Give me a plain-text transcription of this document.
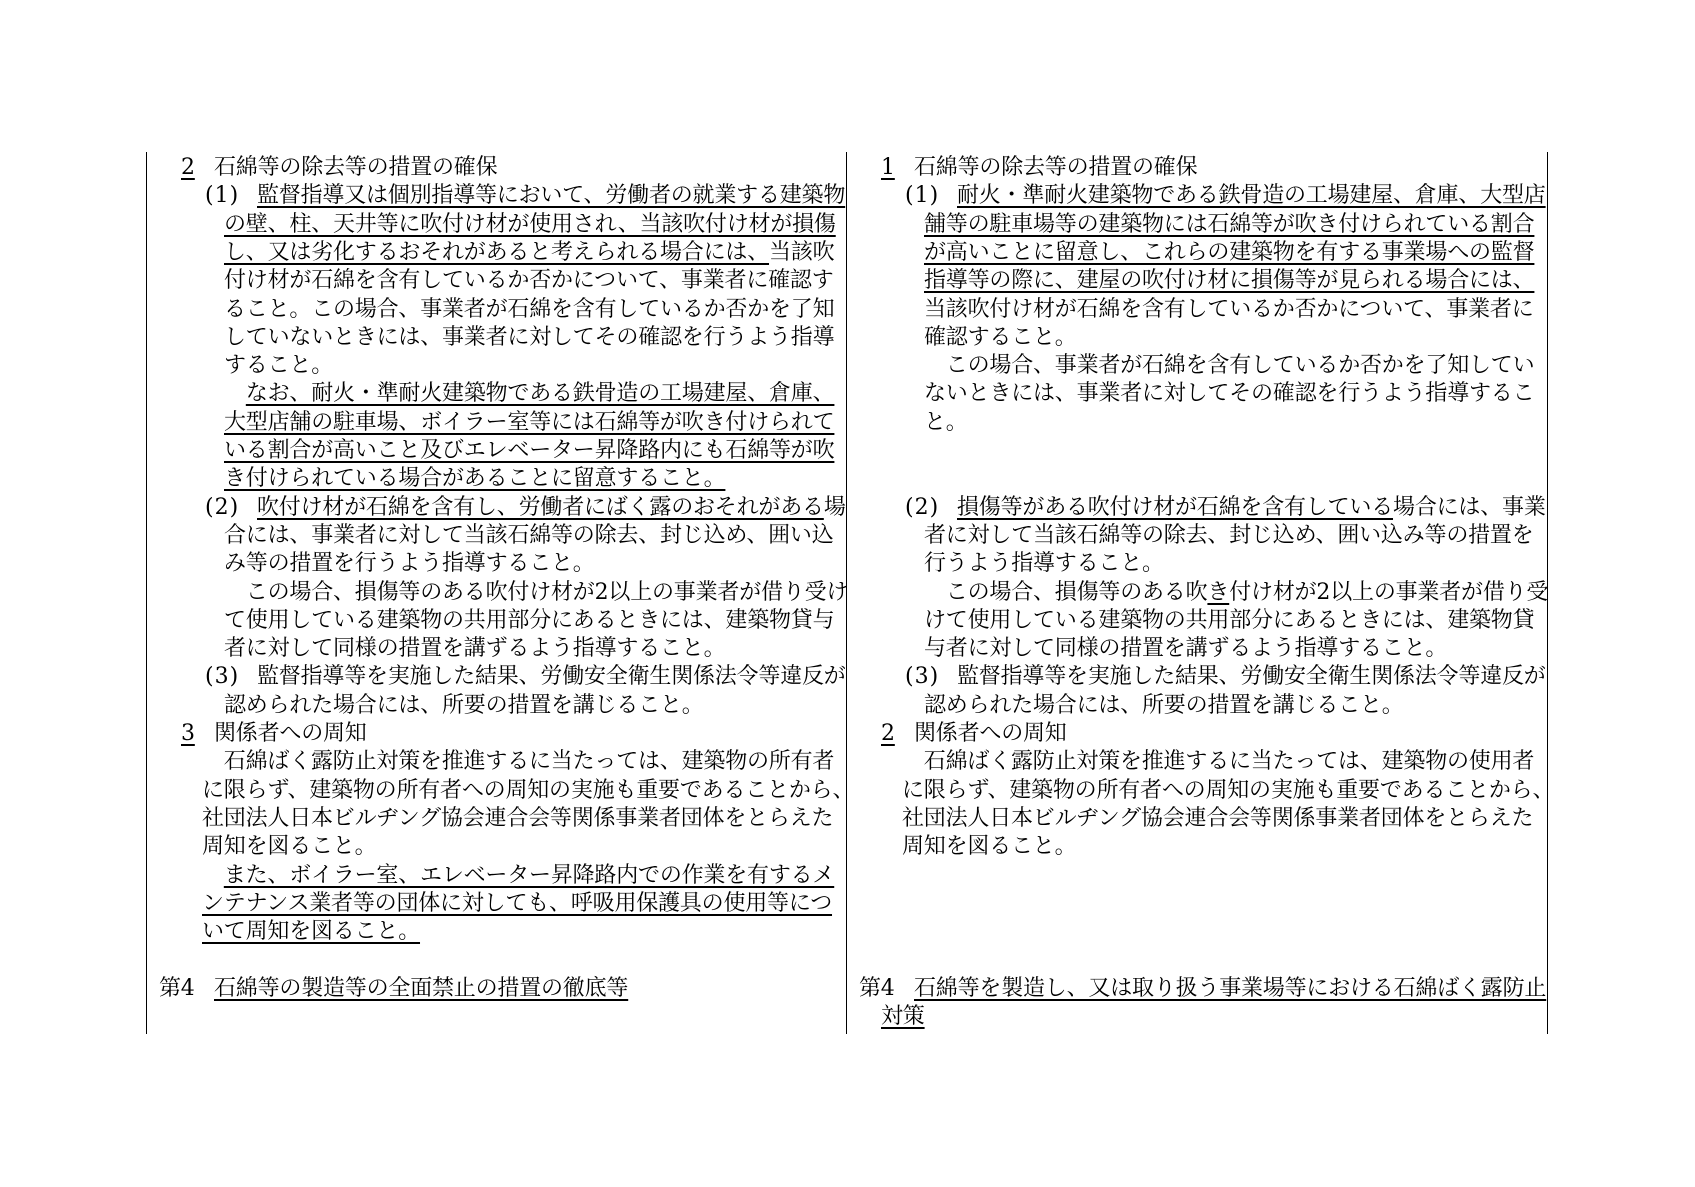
2 石綿等の除去等の措置の確保
(1) 監督指導又は個別指導等において、労働者の就業する建築物
の壁、柱、天井等に吹付け材が使用され、当該吹付け材が損傷
し、又は劣化するおそれがあると考えられる場合には、当該吹
付け材が石綿を含有しているか否かについて、事業者に確認す
ること。この場合、事業者が石綿を含有しているか否かを了知
していないときには、事業者に対してその確認を行うよう指導
すること。
　なお、耐火・準耐火建築物である鉄骨造の工場建屋、倉庫、
大型店舗の駐車場、ボイラー室等には石綿等が吹き付けられて
いる割合が高いこと及びエレベーター昇降路内にも石綿等が吹
き付けられている場合があることに留意すること。
(2) 吹付け材が石綿を含有し、労働者にばく露のおそれがある場
合には、事業者に対して当該石綿等の除去、封じ込め、囲い込
み等の措置を行うよう指導すること。
　この場合、損傷等のある吹付け材が2以上の事業者が借り受け
て使用している建築物の共用部分にあるときには、建築物貸与
者に対して同様の措置を講ずるよう指導すること。
(3) 監督指導等を実施した結果、労働安全衛生関係法令等違反が
認められた場合には、所要の措置を講じること。
3 関係者への周知
　石綿ばく露防止対策を推進するに当たっては、建築物の所有者
に限らず、建築物の所有者への周知の実施も重要であることから、
社団法人日本ビルヂング協会連合会等関係事業者団体をとらえた
周知を図ること。
　また、ボイラー室、エレベーター昇降路内での作業を有するメ
ンテナンス業者等の団体に対しても、呼吸用保護具の使用等につ
いて周知を図ること。
第4 石綿等の製造等の全面禁止の措置の徹底等
1 石綿等の除去等の措置の確保
(1) 耐火・準耐火建築物である鉄骨造の工場建屋、倉庫、大型店
舗等の駐車場等の建築物には石綿等が吹き付けられている割合
が高いことに留意し、これらの建築物を有する事業場への監督
指導等の際に、建屋の吹付け材に損傷等が見られる場合には、
当該吹付け材が石綿を含有しているか否かについて、事業者に
確認すること。
　この場合、事業者が石綿を含有しているか否かを了知してい
ないときには、事業者に対してその確認を行うよう指導するこ
と。
(2) 損傷等がある吹付け材が石綿を含有している場合には、事業
者に対して当該石綿等の除去、封じ込め、囲い込み等の措置を
行うよう指導すること。
　この場合、損傷等のある吹き付け材が2以上の事業者が借り受
けて使用している建築物の共用部分にあるときには、建築物貸
与者に対して同様の措置を講ずるよう指導すること。
(3) 監督指導等を実施した結果、労働安全衛生関係法令等違反が
認められた場合には、所要の措置を講じること。
2 関係者への周知
　石綿ばく露防止対策を推進するに当たっては、建築物の使用者
に限らず、建築物の所有者への周知の実施も重要であることから、
社団法人日本ビルヂング協会連合会等関係事業者団体をとらえた
周知を図ること。
第4 石綿等を製造し、又は取り扱う事業場等における石綿ばく露防止
対策
